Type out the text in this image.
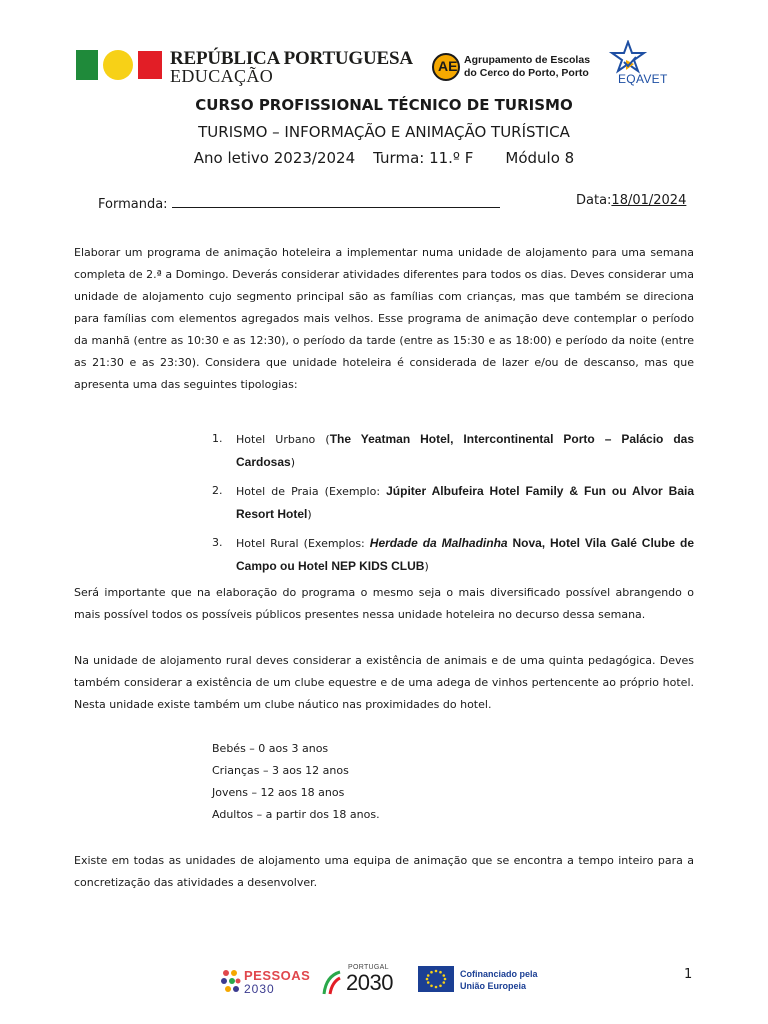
REPÚBLICA PORTUGUESA
EDUCAÇÃO	AE Agrupamento de Escolas
do Cerco do Porto, Porto EQAVET
CURSO PROFISSIONAL TÉCNICO DE TURISMO
TURISMO – INFORMAÇÃO E ANIMAÇÃO TURÍSTICA
Ano letivo 2023/2024 Turma: 11.º F Módulo 8
Formanda:	Data:18/01/2024
Elaborar um programa de animação hoteleira a implementar numa unidade de alojamento para uma semana completa de 2.ª a Domingo. Deverás considerar atividades diferentes para todos os dias. Deves considerar uma unidade de alojamento cujo segmento principal são as famílias com crianças, mas que também se direciona para famílias com elementos agregados mais velhos. Esse programa de animação deve contemplar o período da manhã (entre as 10:30 e as 12:30), o período da tarde (entre as 15:30 e as 18:00) e período da noite (entre as 21:30 e as 23:30). Considera que unidade hoteleira é considerada de lazer e/ou de descanso, mas que apresenta uma das seguintes tipologias:
1. Hotel Urbano (The Yeatman Hotel, Intercontinental Porto – Palácio das Cardosas)
2. Hotel de Praia (Exemplo: Júpiter Albufeira Hotel Family & Fun ou Alvor Baia Resort Hotel)
3. Hotel Rural (Exemplos: Herdade da Malhadinha Nova, Hotel Vila Galé Clube de Campo ou Hotel NEP KIDS CLUB)
Será importante que na elaboração do programa o mesmo seja o mais diversificado possível abrangendo o mais possível todos os possíveis públicos presentes nessa unidade hoteleira no decurso dessa semana.
Na unidade de alojamento rural deves considerar a existência de animais e de uma quinta pedagógica. Deves também considerar a existência de um clube equestre e de uma adega de vinhos pertencente ao próprio hotel. Nesta unidade existe também um clube náutico nas proximidades do hotel.
Bebés – 0 aos 3 anos
Crianças – 3 aos 12 anos
Jovens – 12 aos 18 anos
Adultos – a partir dos 18 anos.
Existe em todas as unidades de alojamento uma equipa de animação que se encontra a tempo inteiro para a concretização das atividades a desenvolver.
PESSOAS
2030
PORTUGAL
2030	Cofinanciado pela
União Europeia
1
